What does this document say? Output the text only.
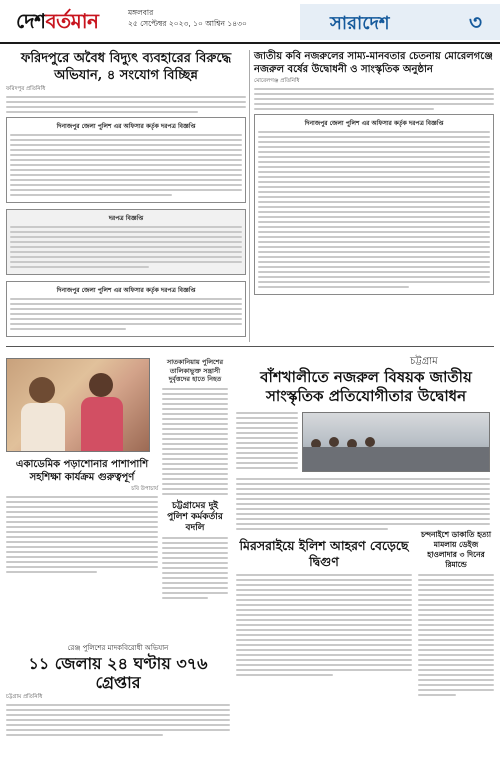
দেশবর্তমান	মঙ্গলবার
২৫ সেপ্টেম্বর ২০২৩, ১০ আশ্বিন ১৪৩০	সারাদেশ	৩
ফরিদপুরে অবৈধ বিদ্যুৎ ব্যবহারের বিরুদ্ধে অভিযান, ৪ সংযোগ বিচ্ছিন্ন
ফরিদপুর প্রতিনিধি
দিনাজপুর জেলা পুলিশ এর অফিসার কর্তৃক দরপত্র বিজ্ঞপ্তি
দরপত্র বিজ্ঞপ্তি
দিনাজপুর জেলা পুলিশ এর অফিসার কর্তৃক দরপত্র বিজ্ঞপ্তি
জাতীয় কবি নজরুলের সাম্য-মানবতার চেতনায় মোরেলগঞ্জে নজরুল বর্ষের উদ্বোধনী ও সাংস্কৃতিক অনুষ্ঠান
মোরেলগঞ্জ প্রতিনিধি
দিনাজপুর জেলা পুলিশ এর অফিসার কর্তৃক দরপত্র বিজ্ঞপ্তি
চট্টগ্রাম
বাঁশখালীতে নজরুল বিষয়ক জাতীয় সাংস্কৃতিক প্রতিযোগীতার উদ্বোধন
একাডেমিক পড়াশোনার পাশাপাশি সহশিক্ষা কার্যক্রম গুরুত্বপূর্ণ
চবি উপাচার্য
সাতকানিয়ায় পুলিশের তালিকাভুক্ত সন্ত্রাসী দুর্বৃত্তদের হাতে নিহত
চট্টগ্রামের দুই পুলিশ কর্মকর্তার বদলি
মিরসরাইয়ে ইলিশ আহরণ বেড়েছে দ্বিগুণ
চন্দনাইশে ডাকাতি হত্যা মামলায় ডেইজ হাওলাদার ৩ দিনের রিমান্ডে
রেঞ্জ পুলিশের মাদকবিরোধী অভিযান
১১ জেলায় ২৪ ঘণ্টায় ৩৭৬ গ্রেপ্তার
চট্টগ্রাম প্রতিনিধি
